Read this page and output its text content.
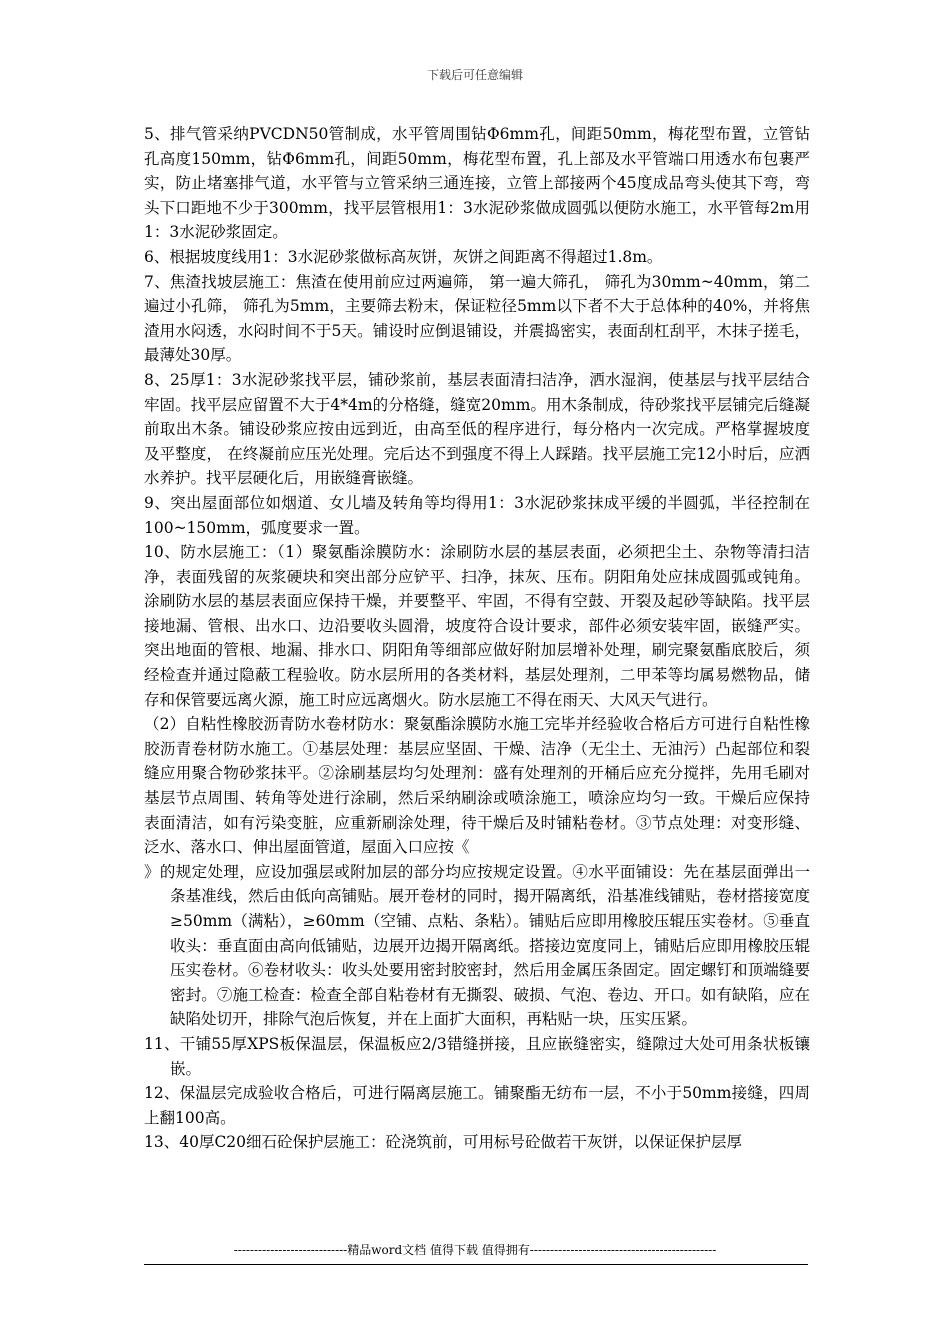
下载后可任意编辑

5、排气管采纳PVCDN50管制成，水平管周围钻Φ6mm孔，间距50mm，梅花型布置，立管钻孔高度150mm，钻Φ6mm孔，间距50mm，梅花型布置，孔上部及水平管端口用透水布包裹严实，防止堵塞排气道，水平管与立管采纳三通连接，立管上部接两个45度成品弯头使其下弯，弯头下口距地不少于300mm，找平层管根用1：3水泥砂浆做成圆弧以便防水施工，水平管每2m用1：3水泥砂浆固定。

6、根据坡度线用1：3水泥砂浆做标高灰饼，灰饼之间距离不得超过1.8m。

7、焦渣找坡层施工：焦渣在使用前应过两遍筛， 第一遍大筛孔， 筛孔为30mm~40mm，第二遍过小孔筛， 筛孔为5mm，主要筛去粉末，保证粒径5mm以下者不大于总体种的40%，并将焦渣用水闷透，水闷时间不于5天。铺设时应倒退铺设，并震捣密实，表面刮杠刮平，木抹子搓毛，最薄处30厚。

8、25厚1：3水泥砂浆找平层，铺砂浆前，基层表面清扫洁净，洒水湿润，使基层与找平层结合牢固。找平层应留置不大于4*4m的分格缝，缝宽20mm。用木条制成，待砂浆找平层铺完后缝凝前取出木条。铺设砂浆应按由远到近，由高至低的程序进行，每分格内一次完成。严格掌握坡度及平整度， 在终凝前应压光处理。完后达不到强度不得上人踩踏。找平层施工完12小时后，应洒水养护。找平层硬化后，用嵌缝膏嵌缝。

9、突出屋面部位如烟道、女儿墙及转角等均得用1：3水泥砂浆抹成平缓的半圆弧，半径控制在100~150mm，弧度要求一置。

10、防水层施工：（1）聚氨酯涂膜防水：涂刷防水层的基层表面，必须把尘土、杂物等清扫洁净，表面残留的灰浆硬块和突出部分应铲平、扫净，抹灰、压布。阴阳角处应抹成圆弧或钝角。涂刷防水层的基层表面应保持干燥，并要整平、牢固，不得有空鼓、开裂及起砂等缺陷。找平层接地漏、管根、出水口、边沿要收头圆滑，坡度符合设计要求，部件必须安装牢固，嵌缝严实。突出地面的管根、地漏、排水口、阴阳角等细部应做好附加层增补处理，刷完聚氨酯底胶后，须经检查并通过隐蔽工程验收。防水层所用的各类材料，基层处理剂，二甲苯等均属易燃物品，储存和保管要远离火源，施工时应远离烟火。防水层施工不得在雨天、大风天气进行。

（2）自粘性橡胶沥青防水卷材防水：聚氨酯涂膜防水施工完毕并经验收合格后方可进行自粘性橡胶沥青卷材防水施工。①基层处理：基层应坚固、干燥、洁净（无尘土、无油污）凸起部位和裂缝应用聚合物砂浆抹平。②涂刷基层均匀处理剂：盛有处理剂的开桶后应充分搅拌，先用毛刷对基层节点周围、转角等处进行涂刷，然后采纳刷涂或喷涂施工，喷涂应均匀一致。干燥后应保持表面清洁，如有污染变脏，应重新刷涂处理，待干燥后及时铺粘卷材。③节点处理：对变形缝、泛水、落水口、伸出屋面管道，屋面入口应按《

》的规定处理，应设加强层或附加层的部分均应按规定设置。④水平面铺设：先在基层面弹出一条基准线，然后由低向高铺贴。展开卷材的同时，揭开隔离纸，沿基准线铺贴，卷材搭接宽度≥50mm（满粘），≥60mm（空铺、点粘、条粘）。铺贴后应即用橡胶压辊压实卷材。⑤垂直收头：垂直面由高向低铺贴，边展开边揭开隔离纸。搭接边宽度同上，铺贴后应即用橡胶压辊压实卷材。⑥卷材收头：收头处要用密封胶密封，然后用金属压条固定。固定螺钉和顶端缝要密封。⑦施工检查：检查全部自粘卷材有无撕裂、破损、气泡、卷边、开口。如有缺陷，应在缺陷处切开，排除气泡后恢复，并在上面扩大面积，再粘贴一块，压实压紧。

11、干铺55厚XPS板保温层，保温板应2/3错缝拼接，且应嵌缝密实，缝隙过大处可用条状板镶嵌。

12、保温层完成验收合格后，可进行隔离层施工。铺聚酯无纺布一层，不小于50mm接缝，四周上翻100高。

13、40厚C20细石砼保护层施工：砼浇筑前，可用标号砼做若干灰饼，以保证保护层厚

----------------------------精品word文档 值得下载 值得拥有----------------------------------------------
